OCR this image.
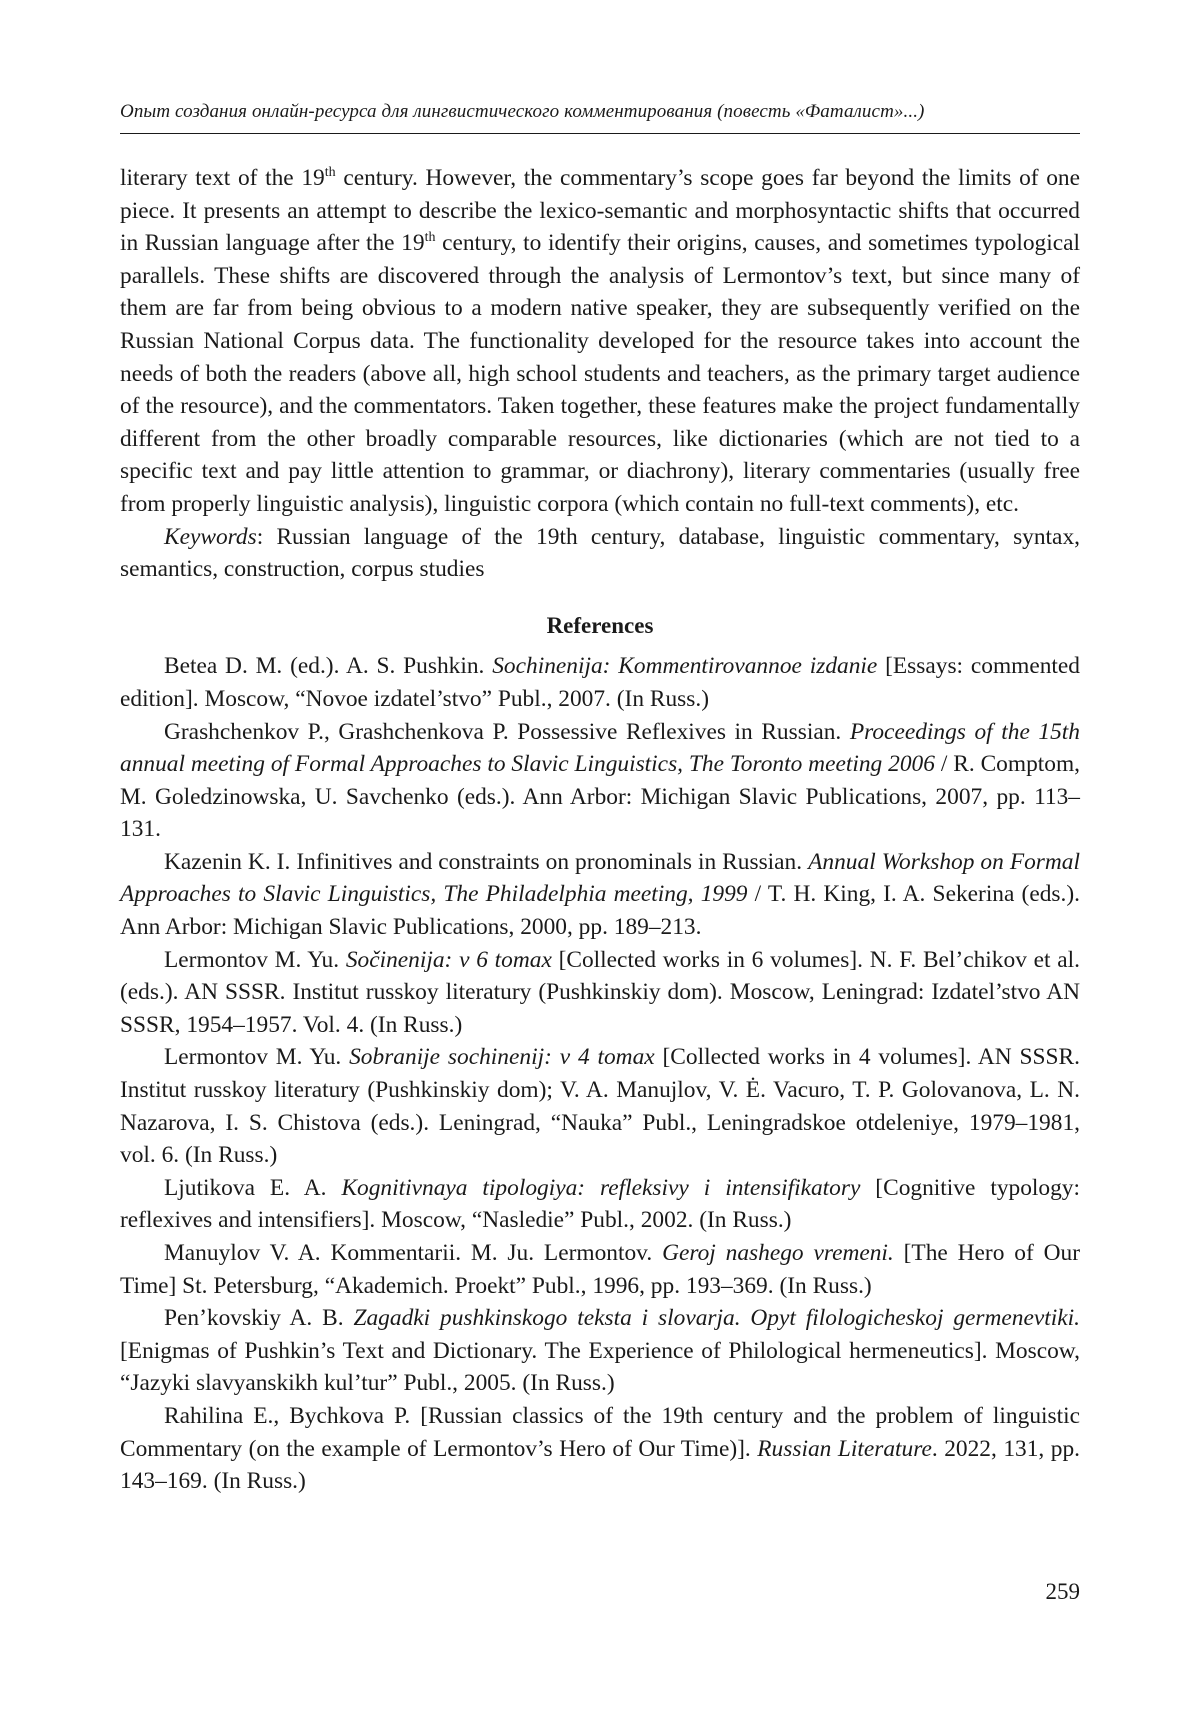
Опыт создания онлайн-ресурса для лингвистического комментирования (повесть «Фаталист»...)

literary text of the 19th century. However, the commentary’s scope goes far beyond the limits of one piece. It presents an attempt to describe the lexico-semantic and morphosyntactic shifts that occurred in Russian language after the 19th century, to identify their origins, causes, and sometimes typological parallels. These shifts are discovered through the analysis of Lermontov’s text, but since many of them are far from being obvious to a modern native speaker, they are subsequently verified on the Russian National Corpus data. The functionality developed for the resource takes into account the needs of both the readers (above all, high school students and teachers, as the primary target audience of the resource), and the commentators. Taken together, these features make the project fundamentally different from the other broadly comparable resources, like dictionaries (which are not tied to a specific text and pay little attention to grammar, or diachrony), literary commentaries (usually free from properly linguistic analysis), linguistic corpora (which contain no full-text comments), etc.

Keywords: Russian language of the 19th century, database, linguistic commentary, syntax, semantics, construction, corpus studies

References

Betea D. M. (ed.). A. S. Pushkin. Sochinenija: Kommentirovannoe izdanie [Essays: commented edition]. Moscow, “Novoe izdatel’stvo” Publ., 2007. (In Russ.)

Grashchenkov P., Grashchenkova P. Possessive Reflexives in Russian. Proceedings of the 15th annual meeting of Formal Approaches to Slavic Linguistics, The Toronto meeting 2006 / R. Comptom, M. Goledzinowska, U. Savchenko (eds.). Ann Arbor: Michigan Slavic Publications, 2007, pp. 113–131.

Kazenin K. I. Infinitives and constraints on pronominals in Russian. Annual Workshop on Formal Approaches to Slavic Linguistics, The Philadelphia meeting, 1999 / T. H. King, I. A. Sekerina (eds.). Ann Arbor: Michigan Slavic Publications, 2000, pp. 189–213.

Lermontov M. Yu. Sočinenija: v 6 tomax [Collected works in 6 volumes]. N. F. Bel’chikov et al. (eds.). AN SSSR. Institut russkoy literatury (Pushkinskiy dom). Moscow, Leningrad: Izdatel’stvo AN SSSR, 1954–1957. Vol. 4. (In Russ.)

Lermontov M. Yu. Sobranije sochinenij: v 4 tomax [Collected works in 4 volumes]. AN SSSR. Institut russkoy literatury (Pushkinskiy dom); V. A. Manujlov, V. Ė. Vacuro, T. P. Golovanova, L. N. Nazarova, I. S. Chistova (eds.). Leningrad, “Nauka” Publ., Leningradskoe otdeleniye, 1979–1981, vol. 6. (In Russ.)

Ljutikova E. A. Kognitivnaya tipologiya: refleksivy i intensifikatory [Cognitive typology: reflexives and intensifiers]. Moscow, “Nasledie” Publ., 2002. (In Russ.)

Manuylov V. A. Kommentarii. M. Ju. Lermontov. Geroj nashego vremeni. [The Hero of Our Time] St. Petersburg, “Akademich. Proekt” Publ., 1996, pp. 193–369. (In Russ.)

Pen’kovskiy A. B. Zagadki pushkinskogo teksta i slovarja. Opyt filologicheskoj germenevtiki. [Enigmas of Pushkin’s Text and Dictionary. The Experience of Philological hermeneutics]. Moscow, “Jazyki slavyanskikh kul’tur” Publ., 2005. (In Russ.)

Rahilina E., Bychkova P. [Russian classics of the 19th century and the problem of linguistic Commentary (on the example of Lermontov’s Hero of Our Time)]. Russian Literature. 2022, 131, pp. 143–169. (In Russ.)

259
